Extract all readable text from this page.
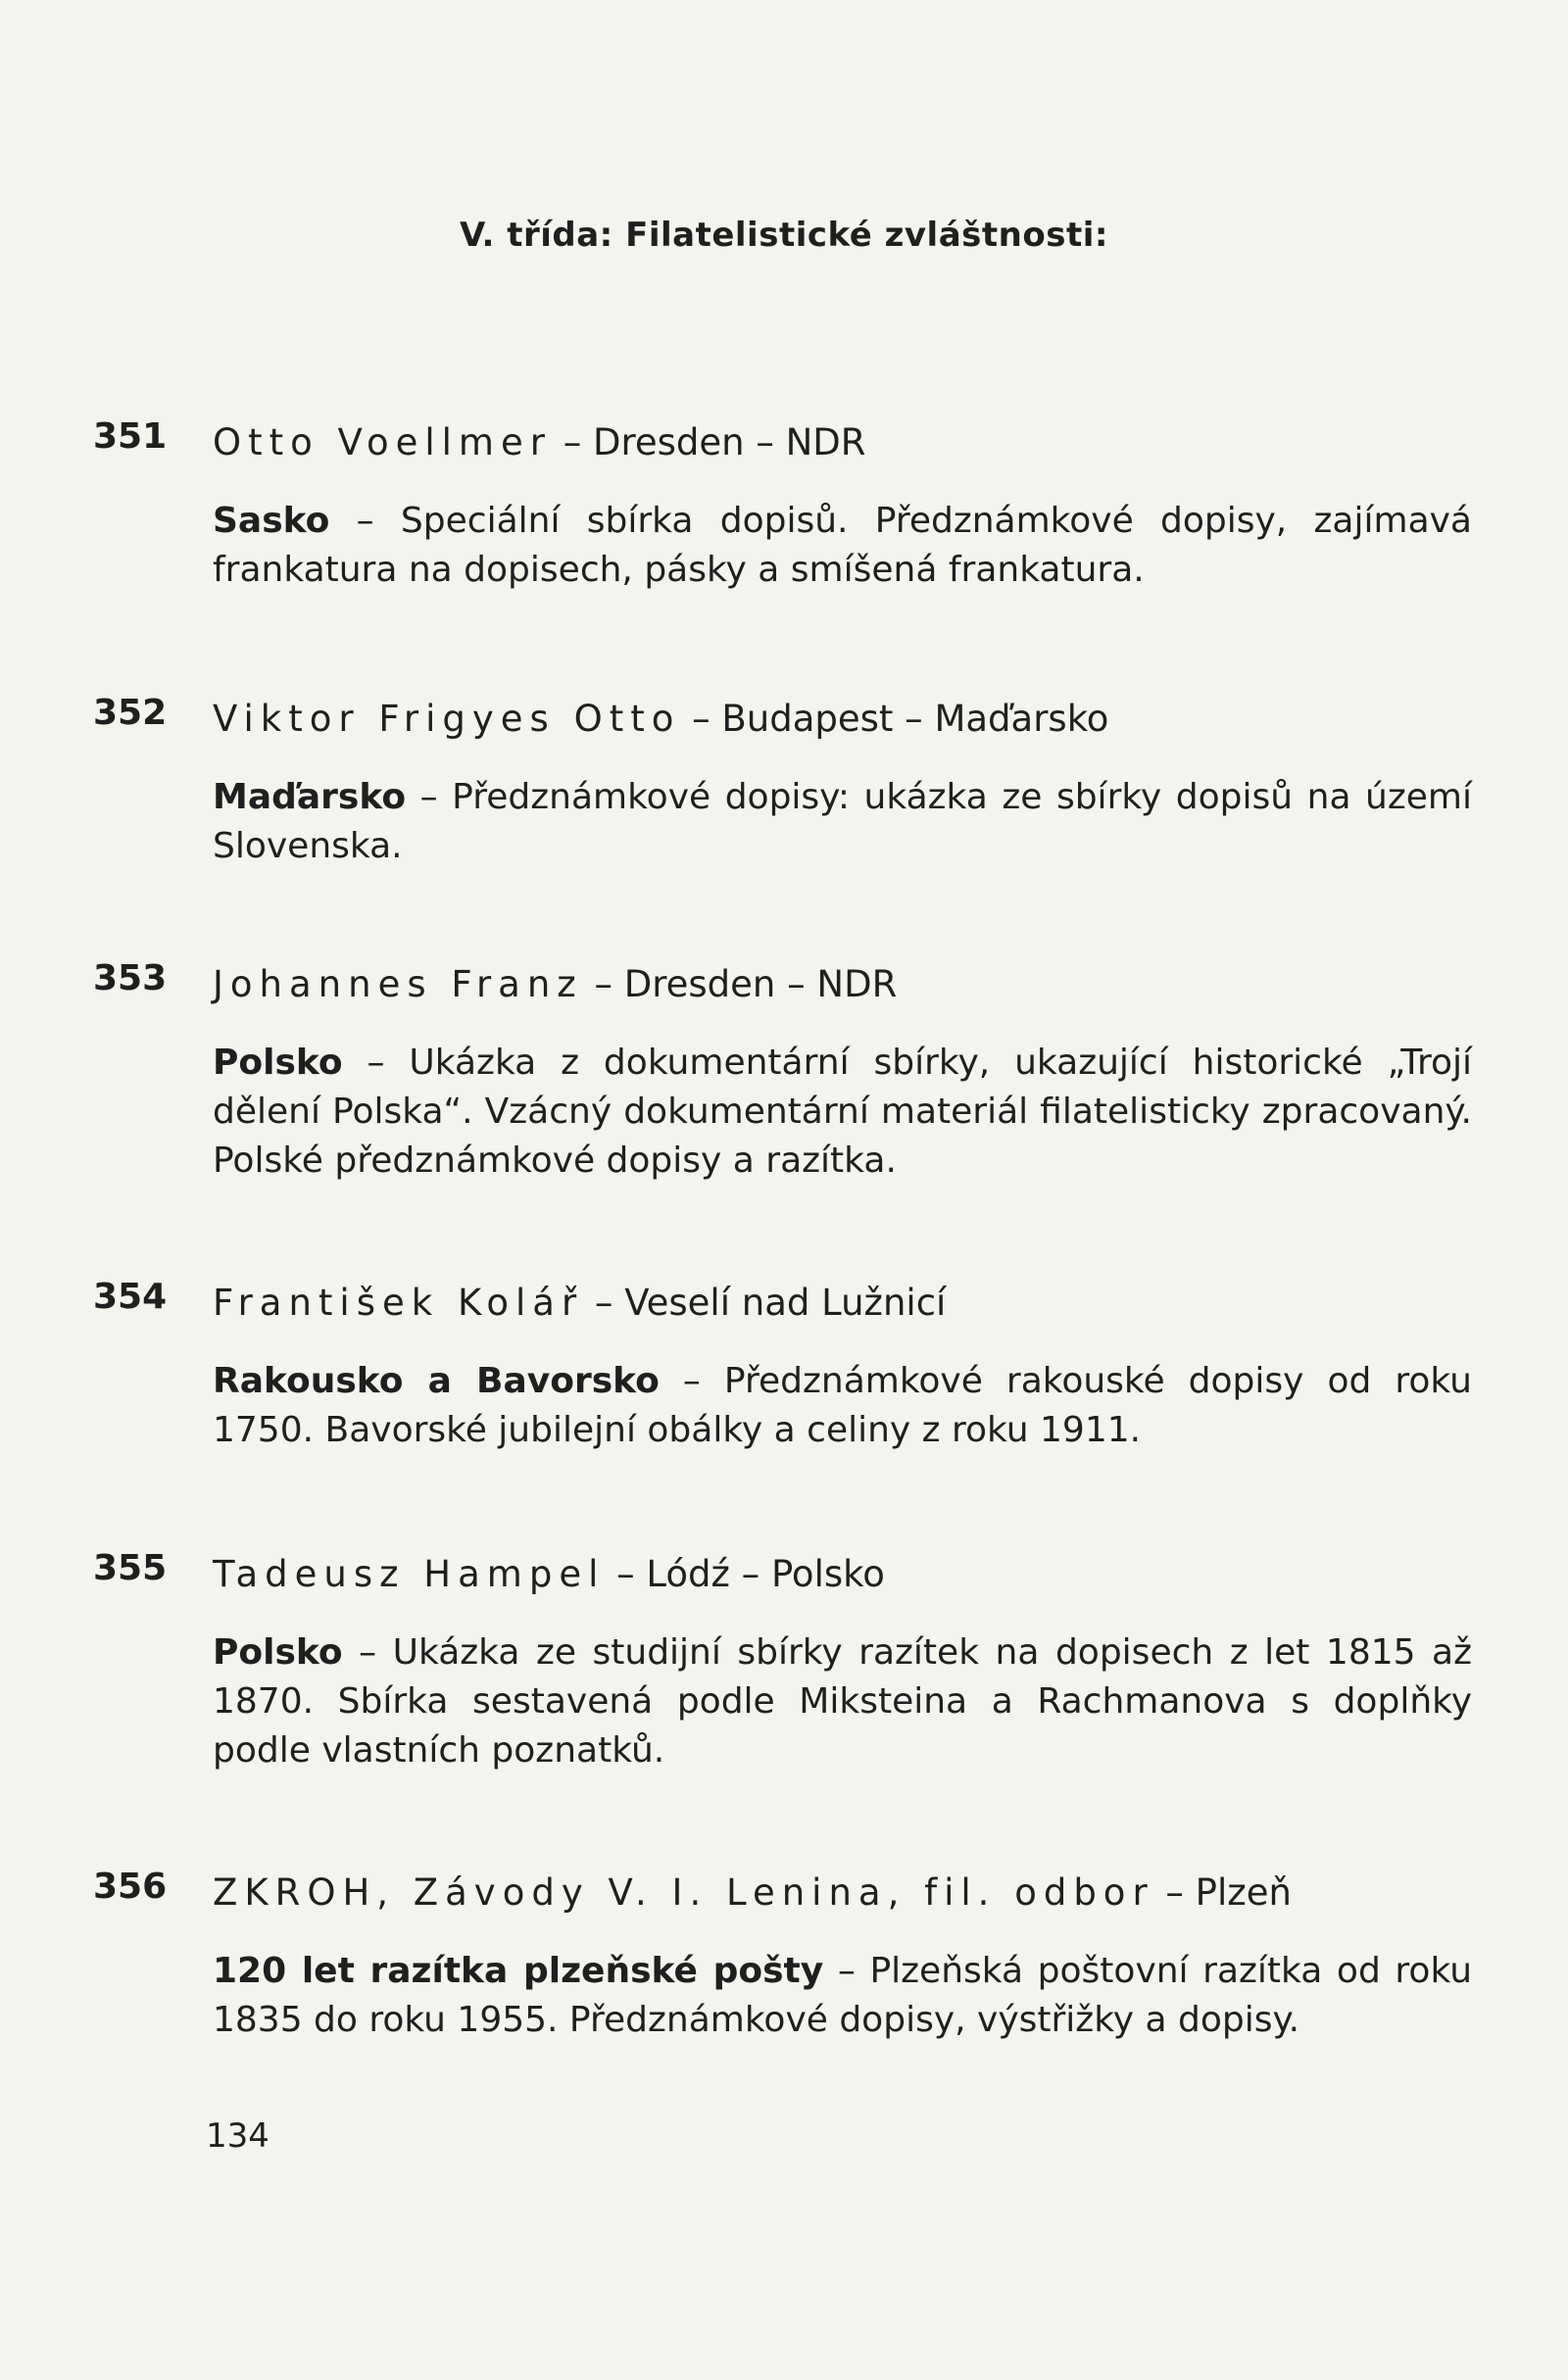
V. třída: Filatelistické zvláštnosti:
351	Otto Voellmer – Dresden – NDR
Sasko – Speciální sbírka dopisů. Předznámkové dopisy, zajímavá frankatura na dopisech, pásky a smíšená frankatura.
352	Viktor Frigyes Otto – Budapest – Maďarsko
Maďarsko – Předznámkové dopisy: ukázka ze sbírky dopisů na území Slovenska.
353	Johannes Franz – Dresden – NDR
Polsko – Ukázka z dokumentární sbírky, ukazující historické „Trojí dělení Polska“. Vzácný dokumentární materiál filatelisticky zpracovaný. Polské předznámkové dopisy a razítka.
354	František Kolář – Veselí nad Lužnicí
Rakousko a Bavorsko – Předznámkové rakouské dopisy od roku 1750. Bavorské jubilejní obálky a celiny z roku 1911.
355	Tadeusz Hampel – Lódź – Polsko
Polsko – Ukázka ze studijní sbírky razítek na dopisech z let 1815 až 1870. Sbírka sestavená podle Miksteina a Rachmanova s doplňky podle vlastních poznatků.
356	ZKROH, Závody V. I. Lenina, fil. odbor – Plzeň
120 let razítka plzeňské pošty – Plzeňská poštovní razítka od roku 1835 do roku 1955. Předznámkové dopisy, výstřižky a dopisy.
134
